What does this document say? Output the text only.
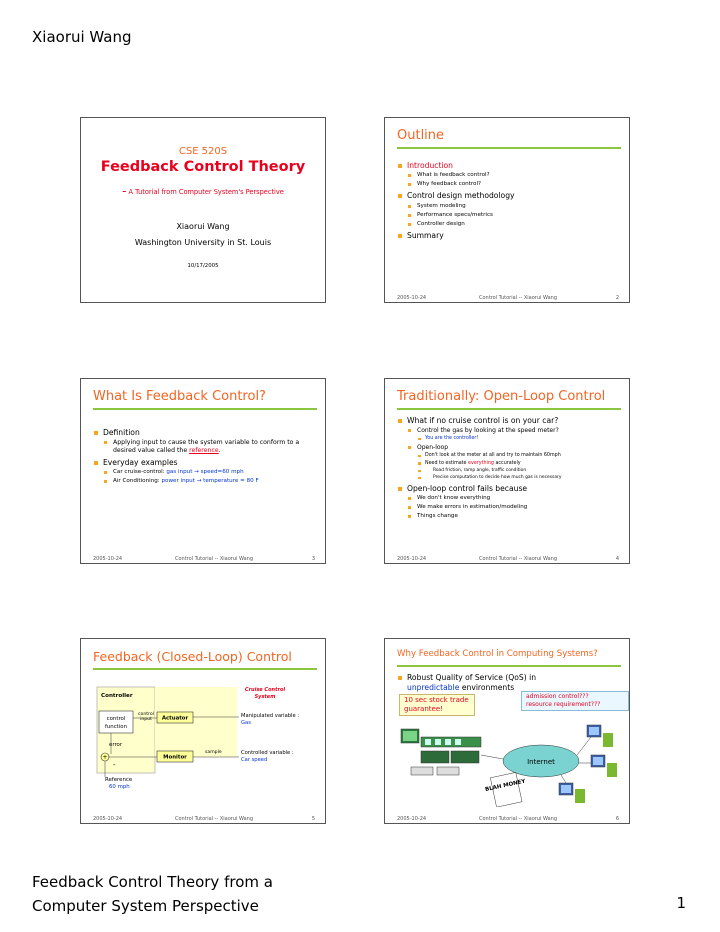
Xiaorui Wang
CSE 520S
Feedback Control Theory
- A Tutorial from Computer System's Perspective
Xiaorui Wang
Washington University in St. Louis
10/17/2005
Outline
Introduction
What is feedback control?
Why feedback control?
Control design methodology
System modeling
Performance specs/metrics
Controller design
Summary
2005-10-24	Control Tutorial -- Xiaorui Wang	2
What Is Feedback Control?
Definition
Applying input to cause the system variable to conform to a desired value called the reference.
Everyday examples
Car cruise-control: gas input → speed=60 mph
Air Conditioning: power input → temperature = 80 F
2005-10-24	Control Tutorial -- Xiaorui Wang	3
Traditionally: Open-Loop Control
What if no cruise control is on your car?
Control the gas by looking at the speed meter?
You are the controller!
Open-loop
Don't look at the meter at all and try to maintain 60mph
Need to estimate everything accurately
Road friction, ramp angle, traffic condition
Precise computation to decide how much gas is necessary
Open-loop control fails because
We don't know everything
We make errors in estimation/modeling
Things change
2005-10-24	Control Tutorial -- Xiaorui Wang	4
Feedback (Closed-Loop) Control
Controller
Cruise Control
System
control
function
control
input Actuator	Manipulated variable :
Gas
error
+
-
Monitor
sample	Controlled variable :
Car speed
Reference
60 mph
2005-10-24	Control Tutorial -- Xiaorui Wang	5
Why Feedback Control in Computing Systems?
Robust Quality of Service (QoS) in
unpredictable environments
10 sec stock trade
guarantee!
admission control???
resource requirement???
Internet
BLAH MONEY
2005-10-24	Control Tutorial -- Xiaorui Wang	6
Feedback Control Theory from a
Computer System Perspective	1
